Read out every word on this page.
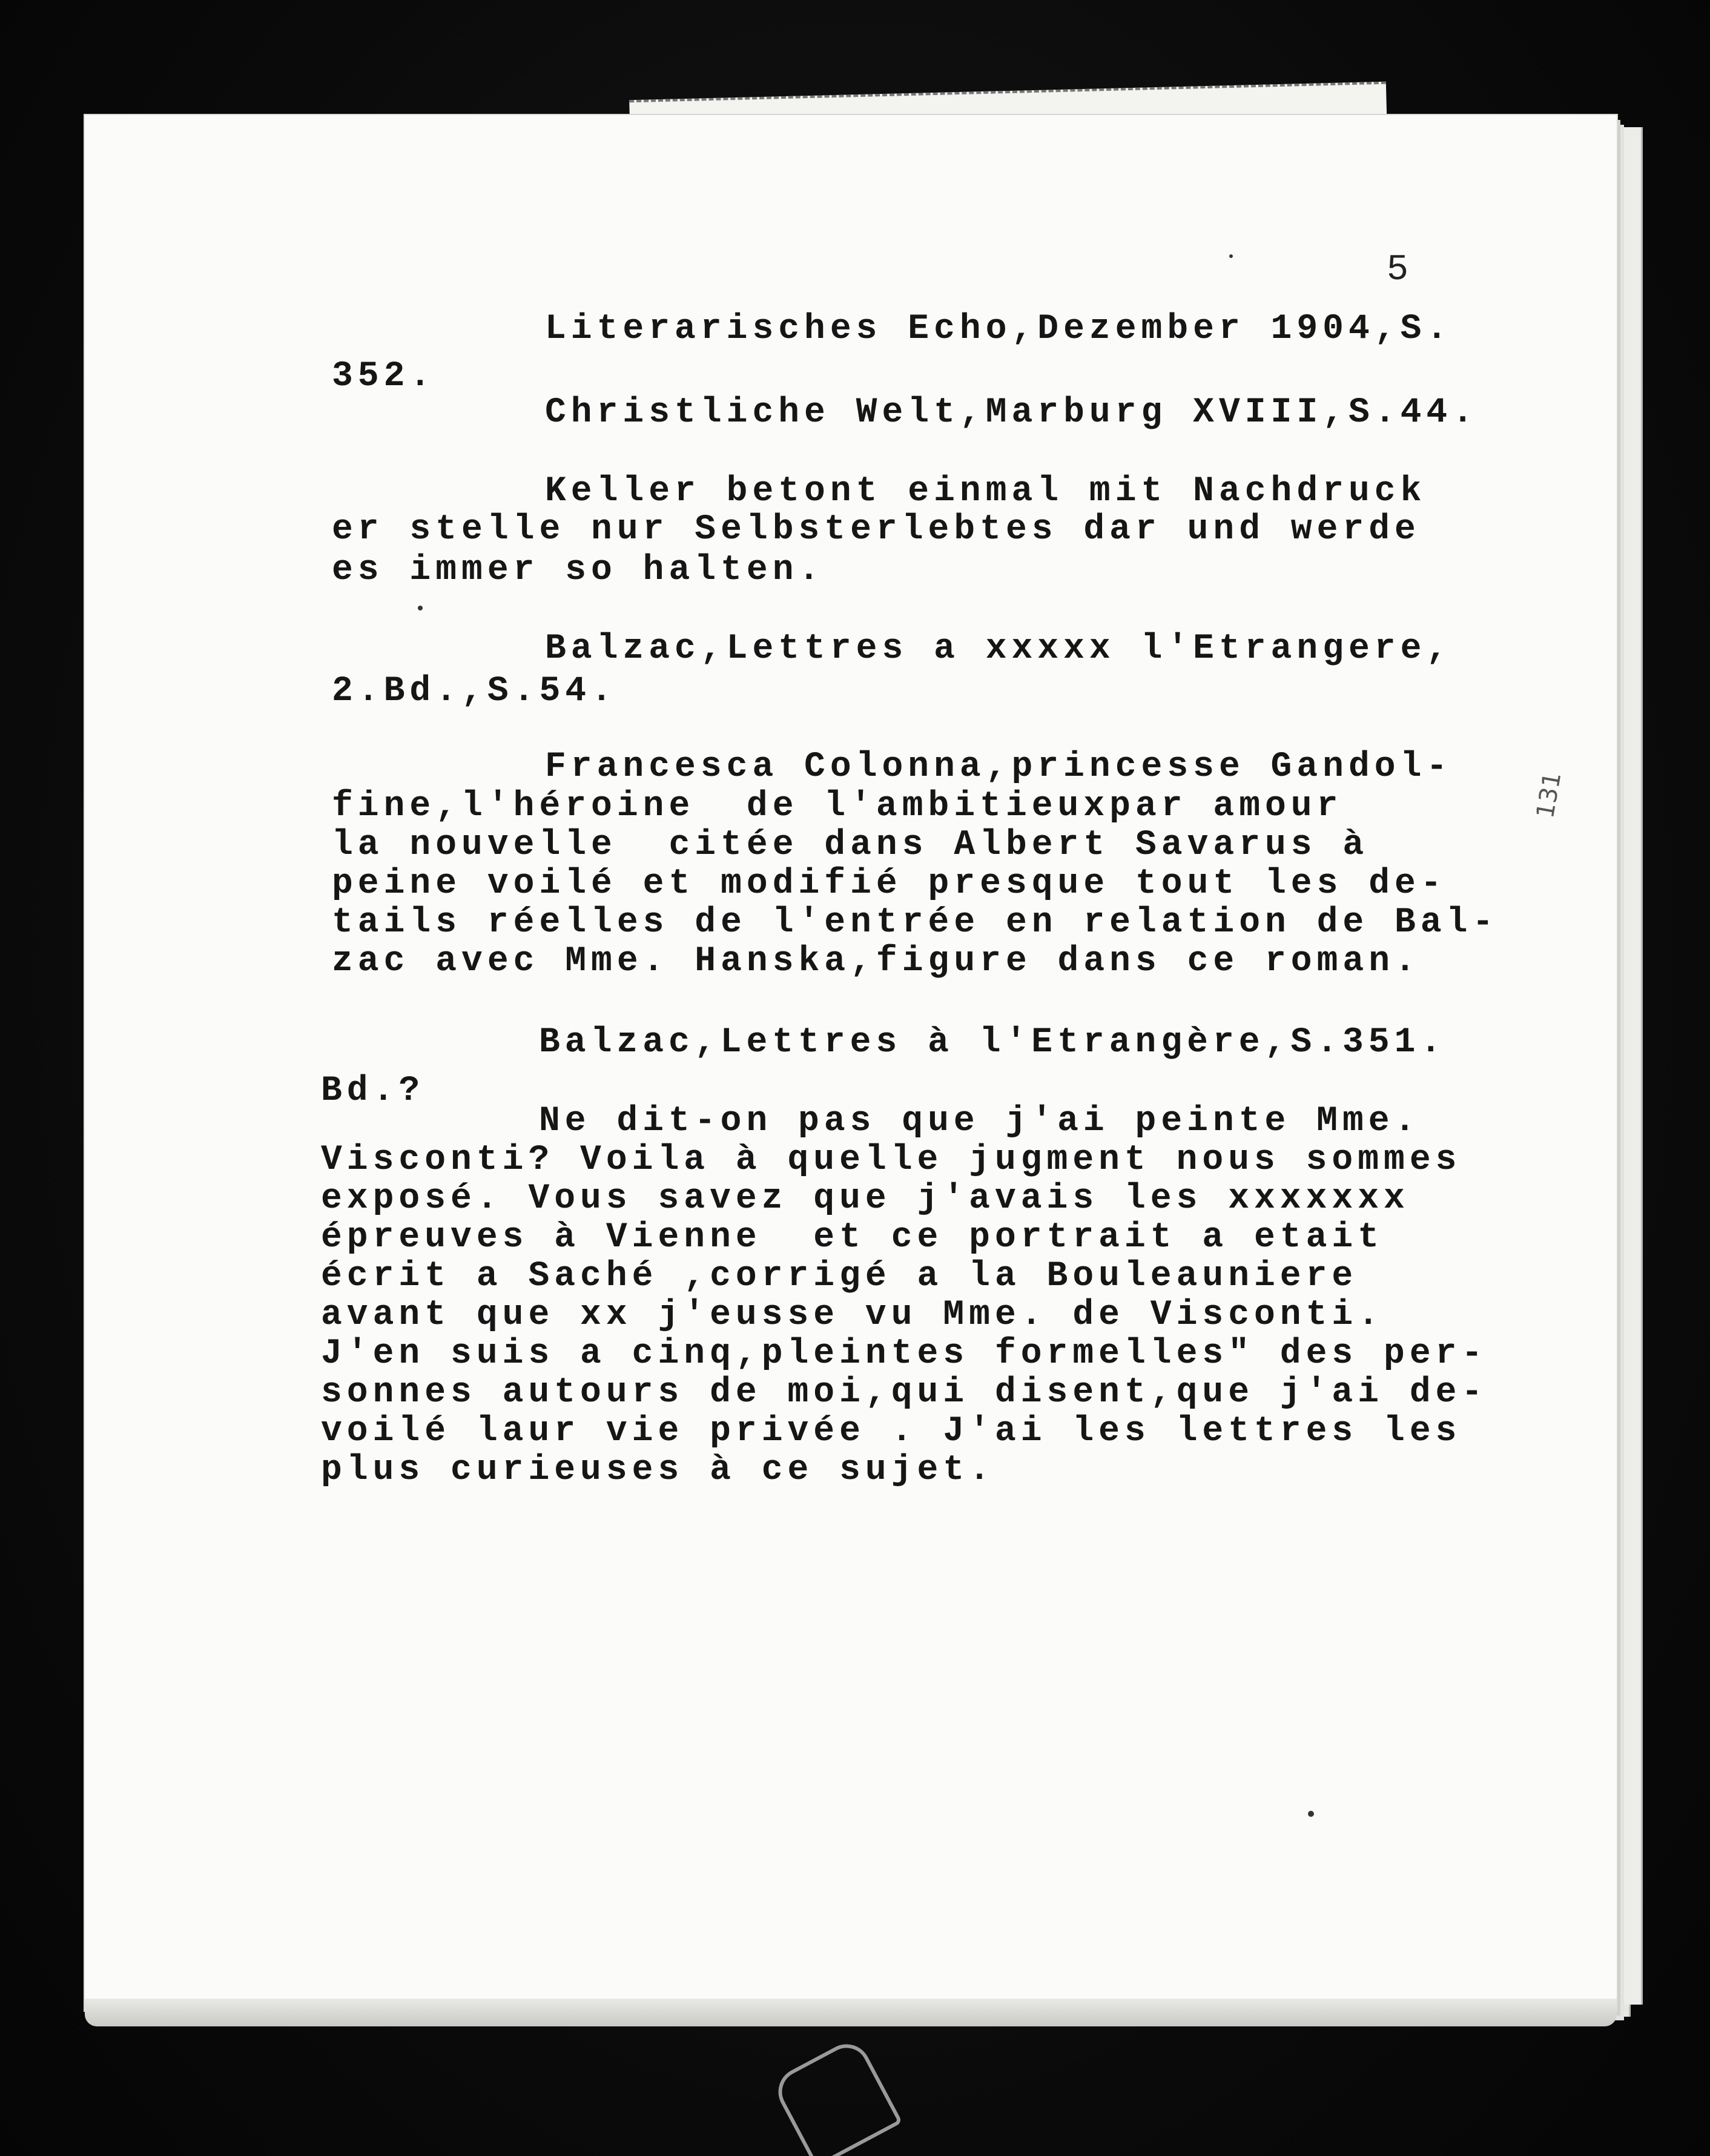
5
131

Literarisches Echo,Dezember 1904,S.

352.

Christliche Welt,Marburg XVIII,S.44.

Keller betont einmal mit Nachdruck

er stelle nur Selbsterlebtes dar und werde

es immer so halten.

Balzac,Lettres a xxxxx l'Etrangere,

2.Bd.,S.54.

Francesca Colonna,princesse Gandol-

fine,l'héroine  de l'ambitieuxpar amour

la nouvelle  citée dans Albert Savarus à

peine voilé et modifié presque tout les de-

tails réelles de l'entrée en relation de Bal-

zac avec Mme. Hanska,figure dans ce roman.

Balzac,Lettres à l'Etrangère,S.351.

Bd.?

Ne dit-on pas que j'ai peinte Mme.

Visconti? Voila à quelle jugment nous sommes

exposé. Vous savez que j'avais les xxxxxxx

épreuves à Vienne  et ce portrait a etait

écrit a Saché ,corrigé a la Bouleauniere

avant que xx j'eusse vu Mme. de Visconti.

J'en suis a cinq,pleintes formelles" des per-

sonnes autours de moi,qui disent,que j'ai de-

voilé laur vie privée . J'ai les lettres les

plus curieuses à ce sujet.
